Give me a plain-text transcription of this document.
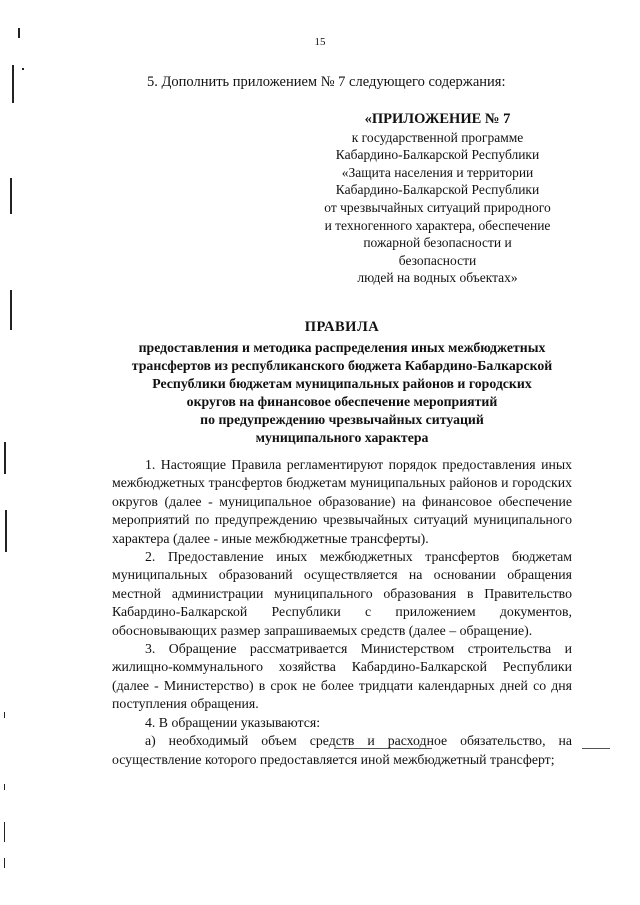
15
5. Дополнить приложением № 7 следующего содержания:
«ПРИЛОЖЕНИЕ № 7
к государственной программе
Кабардино-Балкарской Республики
«Защита населения и территории
Кабардино-Балкарской Республики
от чрезвычайных ситуаций природного
и техногенного характера, обеспечение
пожарной безопасности и
безопасности
людей на водных объектах»
ПРАВИЛА
предоставления и методика распределения иных межбюджетных
трансфертов из республиканского бюджета Кабардино-Балкарской
Республики бюджетам муниципальных районов и городских
округов на финансовое обеспечение мероприятий
по предупреждению чрезвычайных ситуаций
муниципального характера

1. Настоящие Правила регламентируют порядок предоставления иных межбюджетных трансфертов бюджетам муниципальных районов и городских округов (далее - муниципальное образование) на финансовое обеспечение мероприятий по предупреждению чрезвычайных ситуаций муниципального характера (далее - иные межбюджетные трансферты).

2. Предоставление иных межбюджетных трансфертов бюджетам муниципальных образований осуществляется на основании обращения местной администрации муниципального образования в Правительство Кабардино-Балкарской Республики с приложением документов, обосновывающих размер запрашиваемых средств (далее – обращение).

3. Обращение рассматривается Министерством строительства и жилищно-коммунального хозяйства Кабардино-Балкарской Республики (далее - Министерство) в срок не более тридцати календарных дней со дня поступления обращения.

4. В обращении указываются:

а) необходимый объем средств и расходное обязательство, на осуществление которого предоставляется иной межбюджетный трансферт;
